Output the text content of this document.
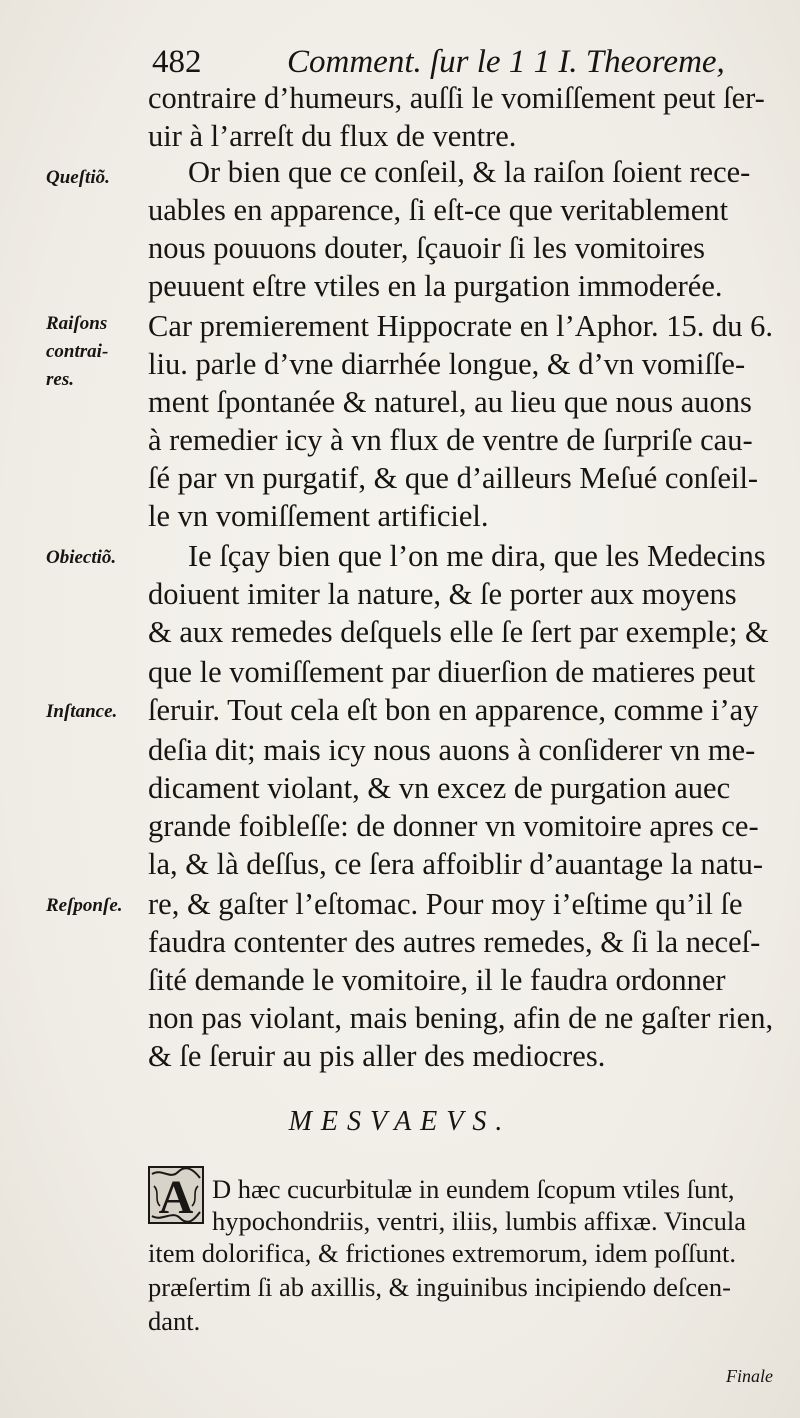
482	Comment. ſur le 1 1 I. Theoreme,
contraire d’humeurs, auſſi le vomiſſement peut ſer-
uir à l’arreſt du flux de ventre.
Or bien que ce conſeil, & la raiſon ſoient rece-
uables en apparence, ſi eſt-ce que veritablement
nous pouuons douter, ſçauoir ſi les vomitoires
peuuent eſtre vtiles en la purgation immoderée.
Car premierement Hippocrate en l’Aphor. 15. du 6.
liu. parle d’vne diarrhée longue, & d’vn vomiſſe-
ment ſpontanée & naturel, au lieu que nous auons
à remedier icy à vn flux de ventre de ſurpriſe cau-
ſé par vn purgatif, & que d’ailleurs Meſué conſeil-
le vn vomiſſement artificiel.
Ie ſçay bien que l’on me dira, que les Medecins
doiuent imiter la nature, & ſe porter aux moyens
& aux remedes deſquels elle ſe ſert par exemple; &
que le vomiſſement par diuerſion de matieres peut
ſeruir. Tout cela eſt bon en apparence, comme i’ay
deſia dit; mais icy nous auons à conſiderer vn me-
dicament violant, & vn excez de purgation auec
grande foibleſſe: de donner vn vomitoire apres ce-
la, & là deſſus, ce ſera affoiblir d’auantage la natu-
re, & gaſter l’eſtomac. Pour moy i’eſtime qu’il ſe
faudra contenter des autres remedes, & ſi la neceſ-
ſité demande le vomitoire, il le faudra ordonner
non pas violant, mais bening, afin de ne gaſter rien,
& ſe ſeruir au pis aller des mediocres.
Queſtiõ.
Raiſons
contrai-
res.
Obiectiõ.
Inſtance.
Reſponſe.
MESVAEVS.
A D hæc cucurbitulæ in eundem ſcopum vtiles ſunt,
hypochondriis, ventri, iliis, lumbis affixæ. Vincula
item dolorifica, & frictiones extremorum, idem poſſunt.
præſertim ſi ab axillis, & inguinibus incipiendo deſcen-
dant.
Finale
